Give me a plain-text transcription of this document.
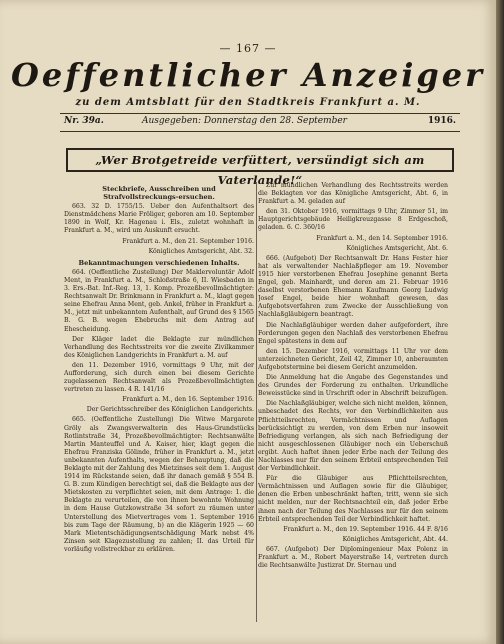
— 167 —
Oeffentlicher Anzeiger
zu dem Amtsblatt für den Stadtkreis Frankfurt a. M.
Nr. 39a.	Ausgegeben: Donnerstag den 28. September	1916.
„Wer Brotgetreide verfüttert, versündigt sich am Vaterlande!“

Steckbriefe, Ausschreiben und Strafvollstreckungs-ersuchen.

663. 32 D. 1755/15. Ueber den Aufenthaltsort des Dienstmädchens Marie Fröliger, geboren am 10. September 1890 in Wolf, Kr. Hagenau i. Els., zuletzt wohnhaft in Frankfurt a. M., wird um Auskunft ersucht.

Frankfurt a. M., den 21. September 1916.

Königliches Amtsgericht, Abt. 32.

Bekanntmachungen verschiedenen Inhalts.

664. (Oeffentliche Zustellung) Der Maklervoluntär Adolf Ment, in Frankfurt a. M., Schloßstraße 6, II. Wiesbaden in 3. Ers.-Bat. Inf.-Reg. 13, 1. Komp. Prozeßbevollmächtigter: Rechtsanwalt Dr. Brinkmann in Frankfurt a. M., klagt gegen seine Ehefrau Anna Ment, geb. Ankel, früher in Frankfurt a. M., jetzt mit unbekanntem Aufenthalt, auf Grund des § 1565 B. G. B. wegen Ehebruchs mit dem Antrag auf Ehescheidung.

Der Kläger ladet die Beklagte zur mündlichen Verhandlung des Rechtsstreits vor die zweite Zivilkammer des Königlichen Landgerichts in Frankfurt a. M. auf

den 11. Dezember 1916, vormittags 9 Uhr, mit der Aufforderung, sich durch einen bei diesem Gerichte zugelassenen Rechtsanwalt als Prozeßbevollmächtigten vertreten zu lassen. 4 R. 141/16

Frankfurt a. M., den 16. September 1916.

Der Gerichtsschreiber des Königlichen Landgerichts.

665. (Oeffentliche Zustellung) Die Witwe Margarete Gröly als Zwangsverwalterin des Haus-Grundstücks Rotlintstraße 34, Prozeßbevollmächtigter: Rechtsanwälte Martin Manteuffel und A. Kaiser, hier, klagt gegen die Ehefrau Franziska Gölinde, früher in Frankfurt a. M., jetzt unbekannten Aufenthalts, wegen der Behauptung, daß die Beklagte mit der Zahlung des Mietzinses seit dem 1. August 1914 im Rückstande seien, daß ihr danach gemäß § 554 B. G. B. zum Kündigen berechtigt sei, daß die Beklagte aus der Mietskosten zu verpflichtet seien, mit dem Antrage: 1. die Beklagte zu verurteilen, die von ihnen bewohnte Wohnung in dem Hause Gutzkowstraße 34 sofort zu räumen unter Unterstellung des Mietvertrages vom 1. September 1916 bis zum Tage der Räumung, b) an die Klägerin 1925 — 60 Mark Mietentschädigungsentschädigung Mark nebst 4% Zinsen seit Klagezustellung zu zahlen; II. das Urteil für vorläufig vollstreckbar zu erklären.

Zur mündlichen Verhandlung des Rechtsstreits werden die Beklagten vor das Königliche Amtsgericht, Abt. 6, in Frankfurt a. M. geladen auf

den 31. Oktober 1916, vormittags 9 Uhr, Zimmer 51, im Hauptgerichtsgebäude Heiligkreuzgasse 8 Erdgeschoß, geladen. 6. C. 360/16

Frankfurt a. M., den 14. September 1916.

Königliches Amtsgericht, Abt. 6.

666. (Aufgebot) Der Rechtsanwalt Dr. Hans Fester hier hat als verwaltender Nachlaßpfleger am 19. November 1915 hier verstorbenen Ehefrau Josephine genannt Berta Engel, geb. Mainhardt, und deren am 21. Februar 1916 daselbst verstorbenen Ehemann Kaufmann Georg Ludwig Josef Engel, beide hier wohnhaft gewesen, das Aufgebotsverfahren zum Zwecke der Ausschließung von Nachlaßgläubigern beantragt.

Die Nachlaßgläubiger werden daher aufgefordert, ihre Forderungen gegen den Nachlaß des verstorbenen Ehefrau Engel spätestens in dem auf

den 15. Dezember 1916, vormittags 11 Uhr vor dem unterzeichneten Gericht, Zeil 42, Zimmer 10, anberaumten Aufgebotstermine bei diesem Gericht anzumelden.

Die Anmeldung hat die Angabe des Gegenstandes und des Grundes der Forderung zu enthalten. Urkundliche Beweisstücke sind in Urschrift oder in Abschrift beizufügen.

Die Nachlaßgläubiger, welche sich nicht melden, können, unbeschadet des Rechts, vor den Verbindlichkeiten aus Pflichtteilsrechten, Vermächtnissen und Auflagen berücksichtigt zu werden, von dem Erben nur insoweit Befriedigung verlangen, als sich nach Befriedigung der nicht ausgeschlossenen Gläubiger noch ein Ueberschuß ergibt. Auch haftet ihnen jeder Erbe nach der Teilung des Nachlasses nur für den seinem Erbteil entsprechenden Teil der Verbindlichkeit.

Für die Gläubiger aus Pflichtteilsrechten, Vermächtnissen und Auflagen sowie für die Gläubiger, denen die Erben unbeschränkt haften, tritt, wenn sie sich nicht melden, nur der Rechtsnachteil ein, daß jeder Erbe ihnen nach der Teilung des Nachlasses nur für den seinem Erbteil entsprechenden Teil der Verbindlichkeit haftet.

Frankfurt a. M., den 19. September 1916. 44 F. 8/16

Königliches Amtsgericht, Abt. 44.

667. (Aufgebot) Der Diplomingenieur Max Polenz in Frankfurt a. M., Robert Mayerstraße 14, vertreten durch die Rechtsanwälte Justizrat Dr. Sternau und
